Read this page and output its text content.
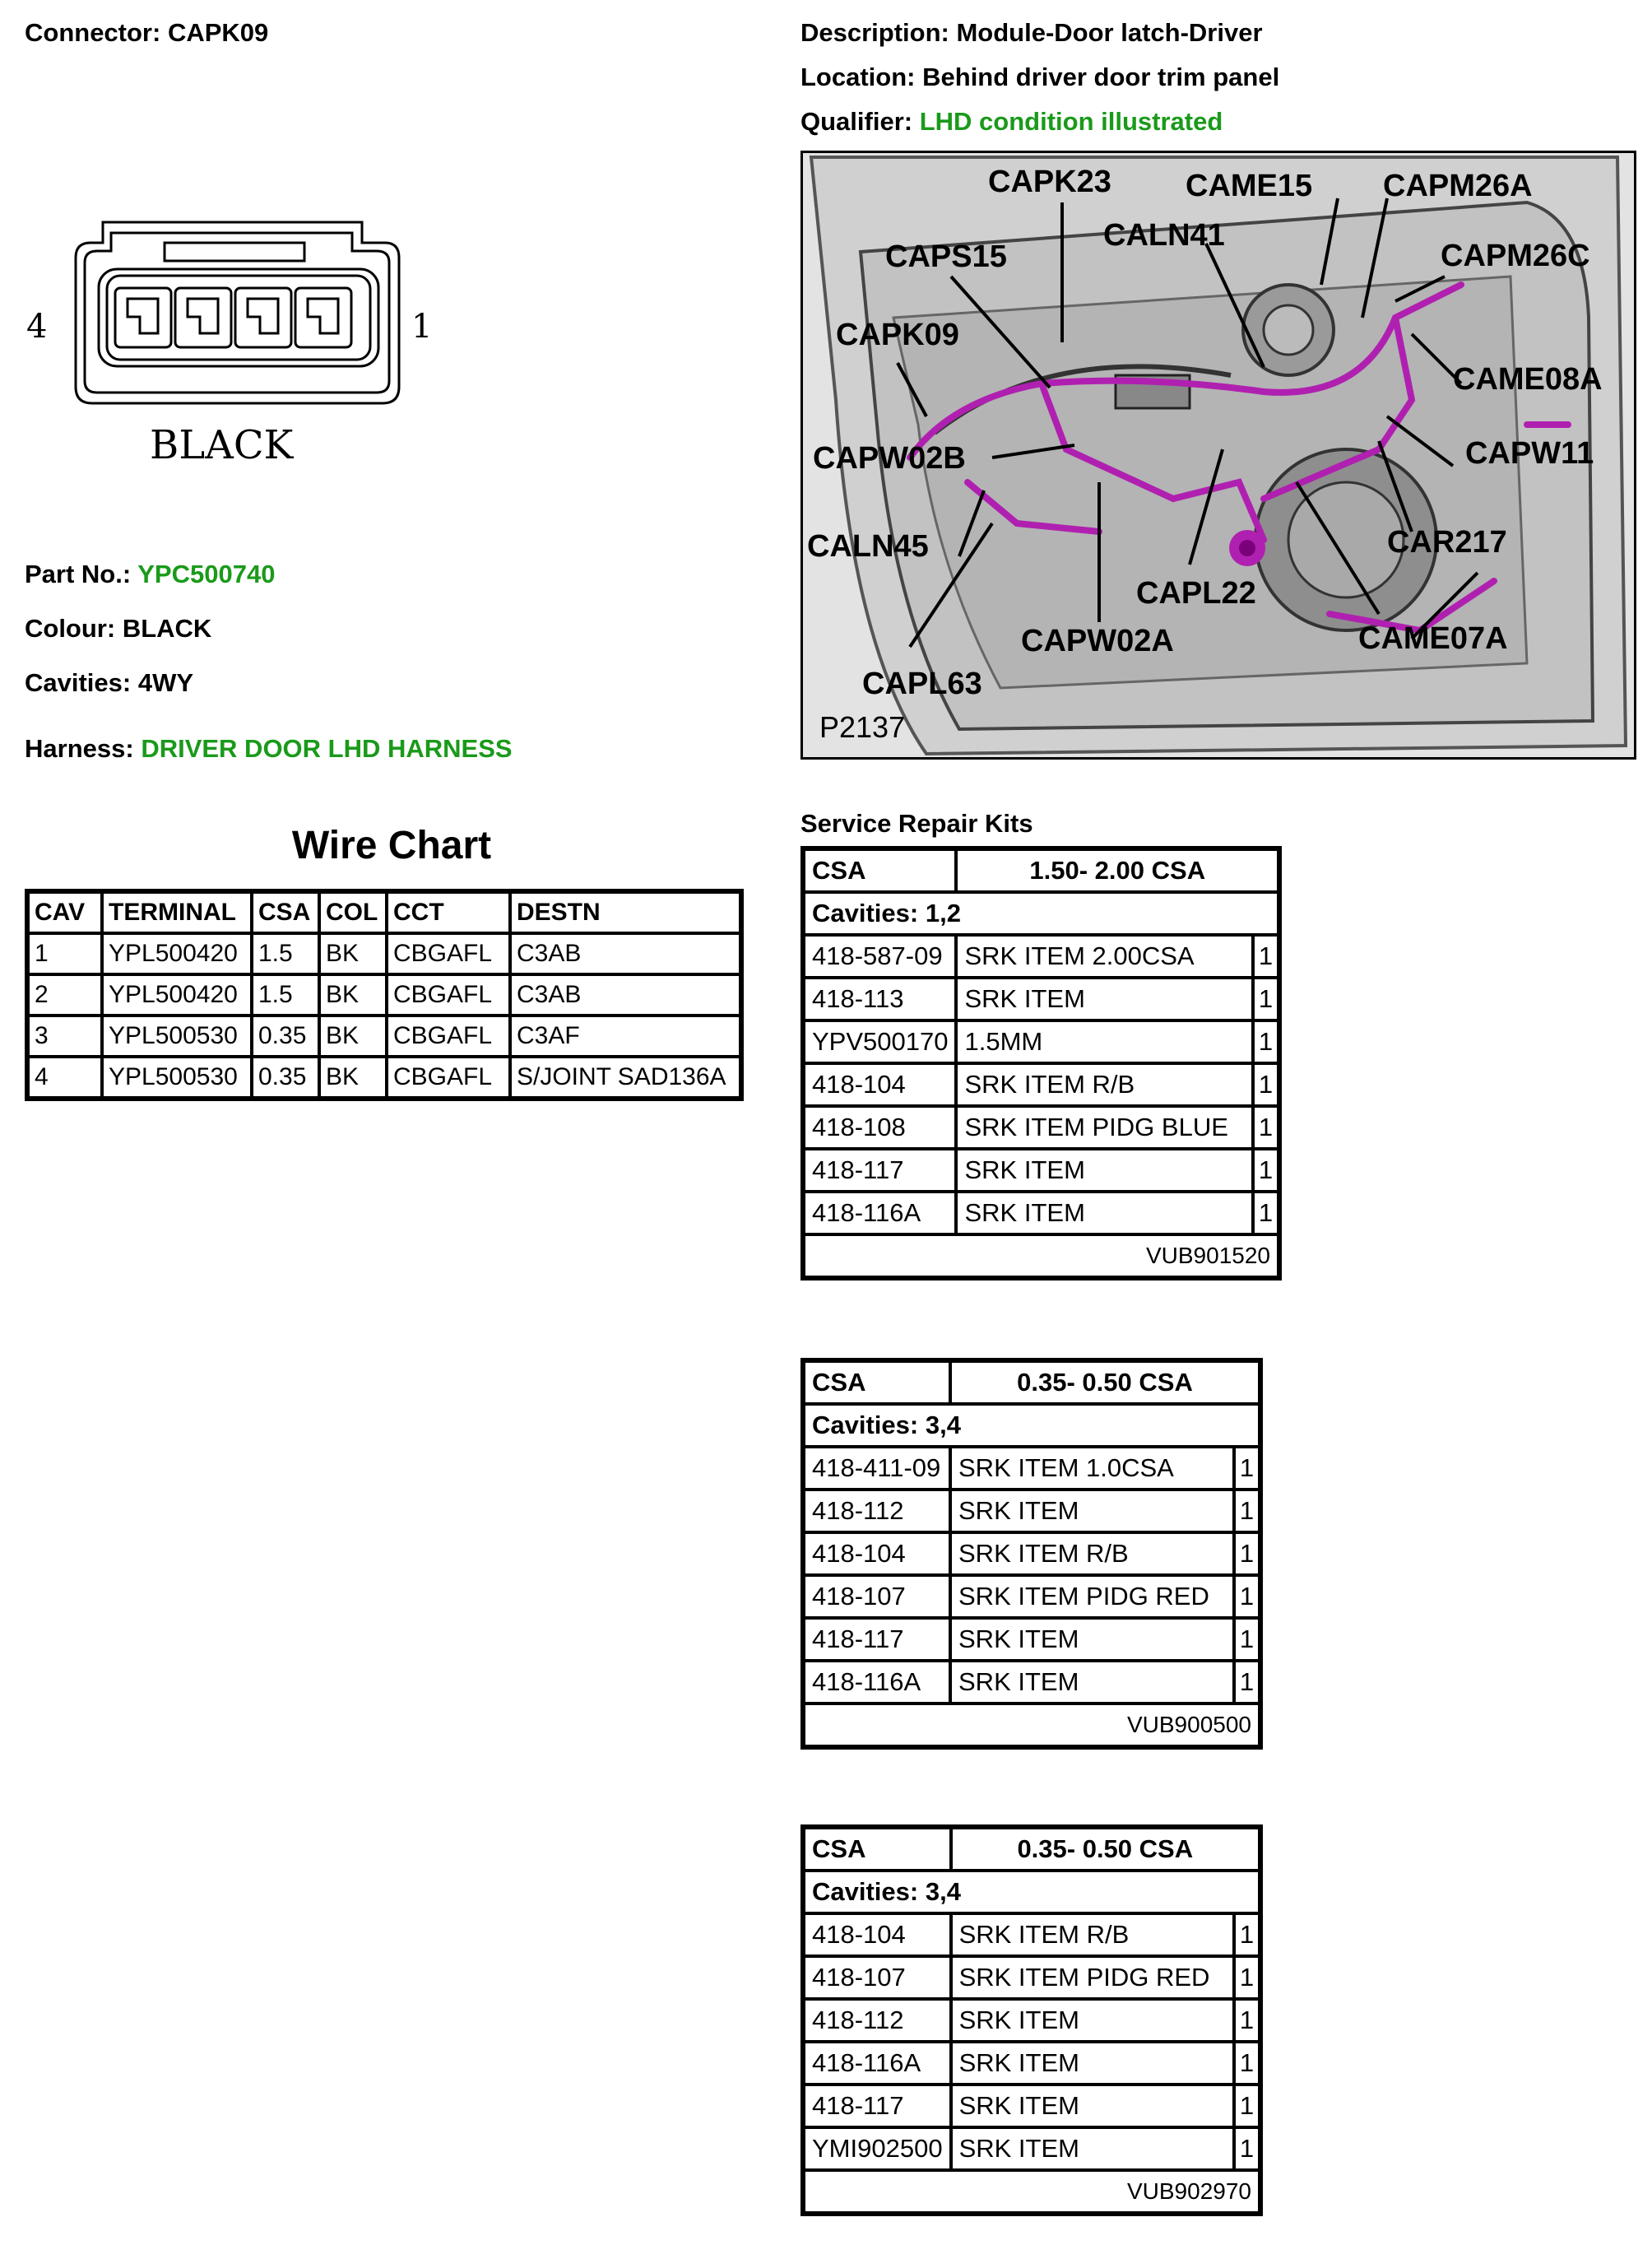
Connector: CAPK09	Description: Module-Door latch-Driver
Location: Behind driver door trim panel
Qualifier: LHD condition illustrated
4	1
BLACK
Part No.: YPC500740
Colour: BLACK
Cavities: 4WY
Harness: DRIVER DOOR LHD HARNESS
Wire Chart
CAV	TERMINAL	CSA	COL	CCT	DESTN
1	YPL500420	1.5	BK	CBGAFL	C3AB
2	YPL500420	1.5	BK	CBGAFL	C3AB
3	YPL500530	0.35	BK	CBGAFL	C3AF
4	YPL500530	0.35	BK	CBGAFL	S/JOINT SAD136A
CAPK23 CAME15 CAPM26A
CALN41
CAPS15	CAPM26C
CAPK09
CAME08A
CAPW02B	CAPW11
CALN45	CAR217
CAPL22
CAPW02A	CAME07A
CAPL63
P2137
Service Repair Kits
CSA	1.50- 2.00 CSA	
Cavities: 1,2		
418-587-09	SRK ITEM 2.00CSA	1
418-113	SRK ITEM	1
YPV500170	1.5MM	1
418-104	SRK ITEM R/B	1
418-108	SRK ITEM PIDG BLUE	1
418-117	SRK ITEM	1
418-116A	SRK ITEM	1
VUB901520		
CSA	0.35- 0.50 CSA	
Cavities: 3,4		
418-411-09	SRK ITEM 1.0CSA	1
418-112	SRK ITEM	1
418-104	SRK ITEM R/B	1
418-107	SRK ITEM PIDG RED	1
418-117	SRK ITEM	1
418-116A	SRK ITEM	1
VUB900500		
CSA	0.35- 0.50 CSA	
Cavities: 3,4		
418-104	SRK ITEM R/B	1
418-107	SRK ITEM PIDG RED	1
418-112	SRK ITEM	1
418-116A	SRK ITEM	1
418-117	SRK ITEM	1
YMI902500	SRK ITEM	1
VUB902970		
